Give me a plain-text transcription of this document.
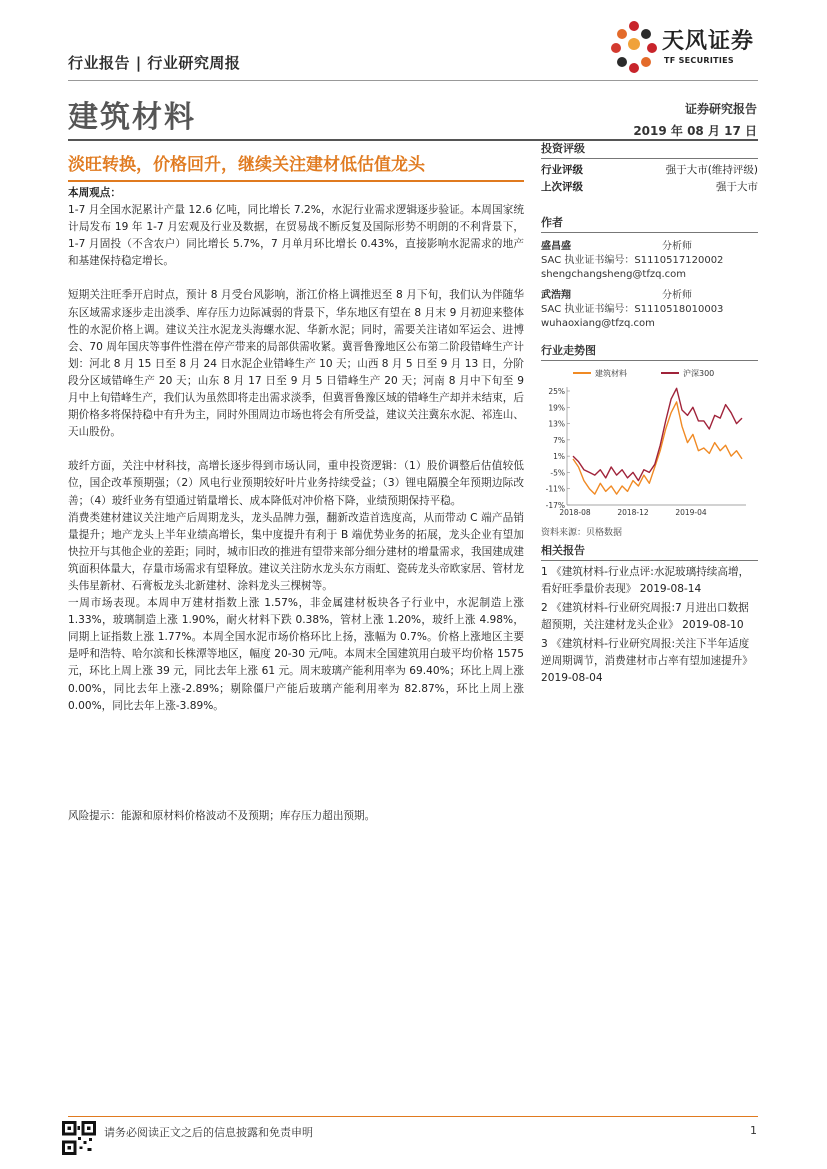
行业报告 | 行业研究周报
天风证券
TF SECURITIES
建筑材料	证券研究报告
2019 年 08 月 17 日
淡旺转换，价格回升，继续关注建材低估值龙头

本周观点：

1-7 月全国水泥累计产量 12.6 亿吨，同比增长 7.2%，水泥行业需求逻辑逐步验证。本周国家统计局发布 19 年 1-7 月宏观及行业及数据，在贸易战不断反复及国际形势不明朗的不利背景下，1-7 月固投（不含农户）同比增长 5.7%，7 月单月环比增长 0.43%，直接影响水泥需求的地产和基建保持稳定增长。

短期关注旺季开启时点，预计 8 月受台风影响，浙江价格上调推迟至 8 月下旬，我们认为伴随华东区域需求逐步走出淡季、库存压力边际减弱的背景下，华东地区有望在 8 月末 9 月初迎来整体性的水泥价格上调。建议关注水泥龙头海螺水泥、华新水泥；同时，需要关注诸如军运会、进博会、70 周年国庆等事件性潜在停产带来的局部供需收紧。冀晋鲁豫地区公布第二阶段错峰生产计划：河北 8 月 15 日至 8 月 24 日水泥企业错峰生产 10 天；山西 8 月 5 日至 9 月 13 日，分阶段分区域错峰生产 20 天；山东 8 月 17 日至 9 月 5 日错峰生产 20 天；河南 8 月中下旬至 9 月中上旬错峰生产，我们认为虽然即将走出需求淡季，但冀晋鲁豫区域的错峰生产却并未结束，后期价格多将保持稳中有升为主，同时外围周边市场也将会有所受益，建议关注冀东水泥、祁连山、天山股份。

玻纤方面，关注中材科技，高增长逐步得到市场认同，重申投资逻辑：（1）股价调整后估值较低位，国企改革预期强；（2）风电行业预期较好叶片业务持续受益；（3）锂电隔膜全年预期边际改善；（4）玻纤业务有望通过销量增长、成本降低对冲价格下降，业绩预期保持平稳。

消费类建材建议关注地产后周期龙头，龙头品牌力强，翻新改造首选度高，从而带动 C 端产品销量提升；地产龙头上半年业绩高增长，集中度提升有利于 B 端优势业务的拓展，龙头企业有望加快拉开与其他企业的差距；同时，城市旧改的推进有望带来部分细分建材的增量需求，我国建成建筑面积体量大，存量市场需求有望释放。建议关注防水龙头东方雨虹、瓷砖龙头帝欧家居、管材龙头伟星新材、石膏板龙头北新建材、涂料龙头三棵树等。

一周市场表现。本周申万建材指数上涨 1.57%，非金属建材板块各子行业中，水泥制造上涨 1.33%，玻璃制造上涨 1.90%，耐火材料下跌 0.38%，管材上涨 1.20%，玻纤上涨 4.98%，同期上证指数上涨 1.77%。本周全国水泥市场价格环比上扬，涨幅为 0.7%。价格上涨地区主要是呼和浩特、哈尔滨和长株潭等地区，幅度 20-30 元/吨。本周末全国建筑用白玻平均价格 1575 元，环比上周上涨 39 元，同比去年上涨 61 元。周末玻璃产能利用率为 69.40%；环比上周上涨 0.00%，同比去年上涨-2.89%；剔除僵尸产能后玻璃产能利用率为 82.87%，环比上周上涨 0.00%，同比去年上涨-3.89%。

风险提示：能源和原材料价格波动不及预期；库存压力超出预期。
投资评级
行业评级	强于大市(维持评级)
上次评级	强于大市
作者
盛昌盛	分析师
SAC 执业证书编号：S1110517120002
shengchangsheng@tfzq.com
武浩翔	分析师
SAC 执业证书编号：S1110518010003
wuhaoxiang@tfzq.com
行业走势图
25%
19%
13%
7%
1%
-5%
-11%
-17%
2018-08	2018-12	2019-04
建筑材料	沪深300
资料来源：贝格数据
相关报告

1 《建筑材料-行业点评:水泥玻璃持续高增，看好旺季量价表现》 2019-08-14

2 《建筑材料-行业研究周报:7 月进出口数据超预期，关注建材龙头企业》 2019-08-10

3 《建筑材料-行业研究周报:关注下半年适度逆周期调节，消费建材市占率有望加速提升》 2019-08-04

请务必阅读正文之后的信息披露和免责申明	1
